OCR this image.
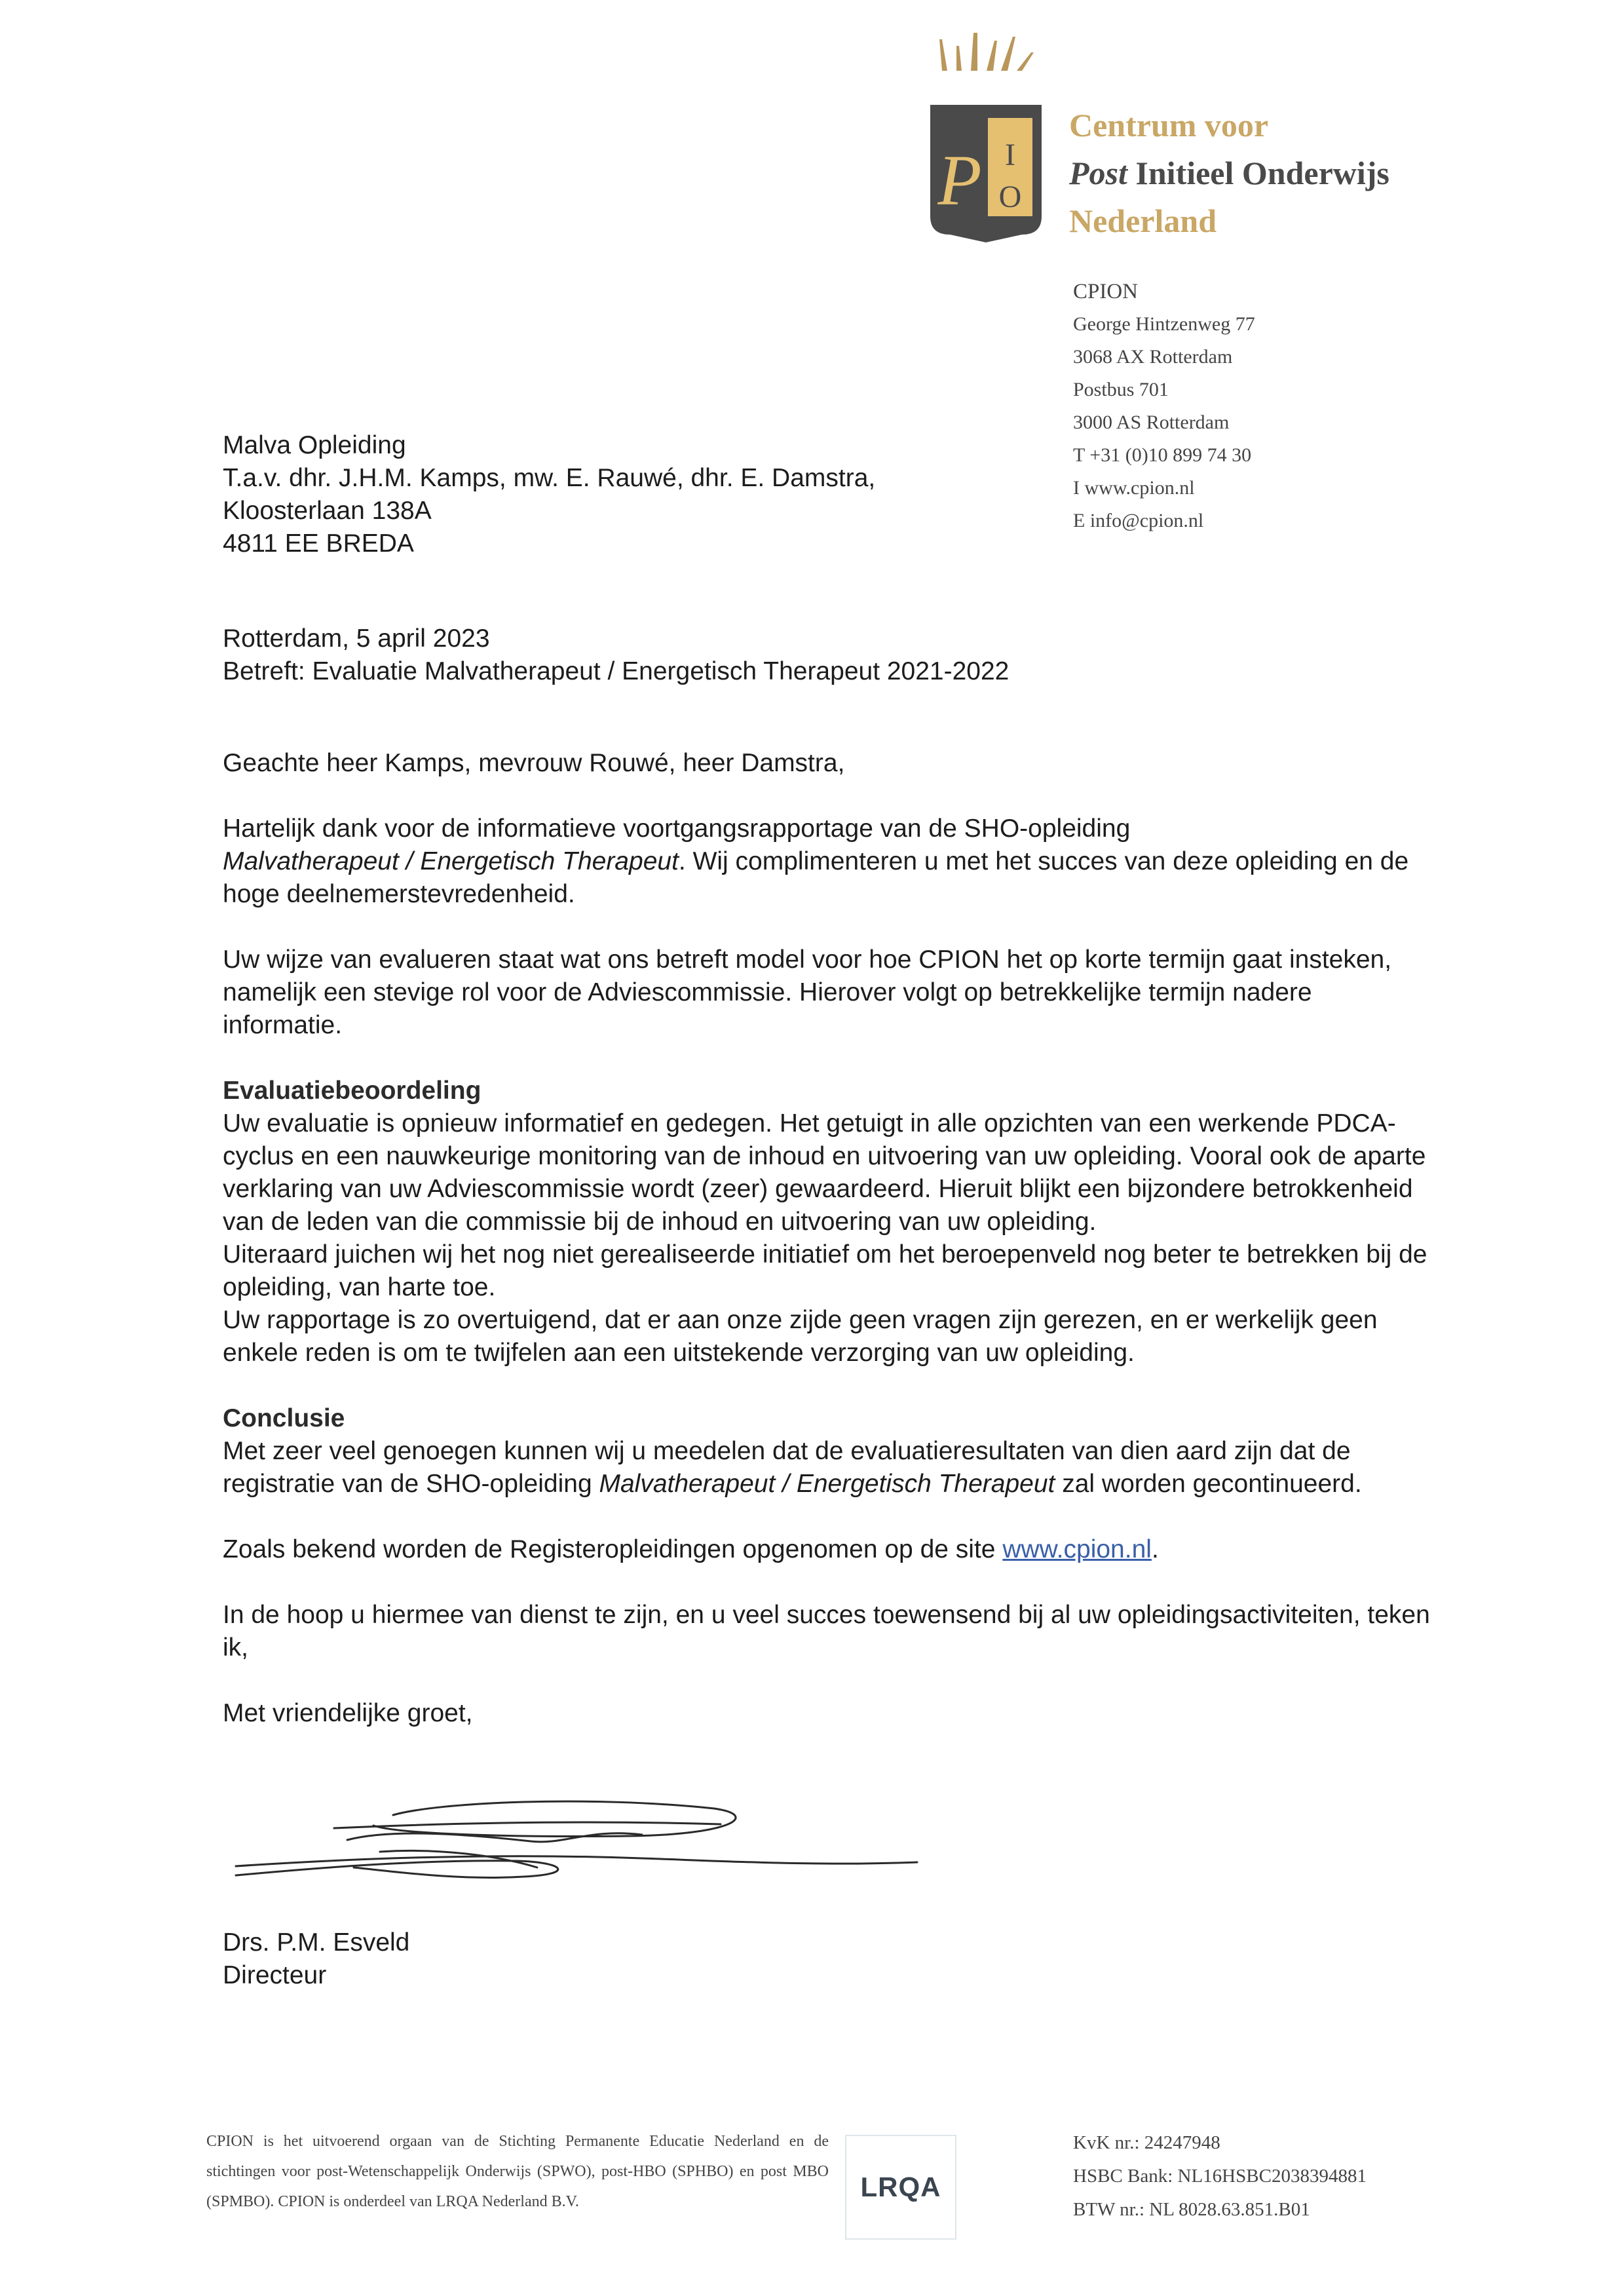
P I
O
Centrum voor
Post Initieel Onderwijs
Nederland
CPION
George Hintzenweg 77
3068 AX Rotterdam
Postbus 701
3000 AS Rotterdam
T +31 (0)10 899 74 30
I www.cpion.nl
E info@cpion.nl
Malva Opleiding
T.a.v. dhr. J.H.M. Kamps, mw. E. Rauwé, dhr. E. Damstra,
Kloosterlaan 138A
4811 EE BREDA
Rotterdam, 5 april 2023
Betreft: Evaluatie Malvatherapeut / Energetisch Therapeut 2021-2022

Geachte heer Kamps, mevrouw Rouwé, heer Damstra,

Hartelijk dank voor de informatieve voortgangsrapportage van de SHO-opleiding
Malvatherapeut / Energetisch Therapeut. Wij complimenteren u met het succes van deze opleiding en de hoge deelnemerstevredenheid.

Uw wijze van evalueren staat wat ons betreft model voor hoe CPION het op korte termijn gaat insteken, namelijk een stevige rol voor de Adviescommissie. Hierover volgt op betrekkelijke termijn nadere informatie.

Evaluatiebeoordeling

Uw evaluatie is opnieuw informatief en gedegen. Het getuigt in alle opzichten van een werkende PDCA-cyclus en een nauwkeurige monitoring van de inhoud en uitvoering van uw opleiding. Vooral ook de aparte verklaring van uw Adviescommissie wordt (zeer) gewaardeerd. Hieruit blijkt een bijzondere betrokkenheid van de leden van die commissie bij de inhoud en uitvoering van uw opleiding.

Uiteraard juichen wij het nog niet gerealiseerde initiatief om het beroepenveld nog beter te betrekken bij de opleiding, van harte toe.

Uw rapportage is zo overtuigend, dat er aan onze zijde geen vragen zijn gerezen, en er werkelijk geen enkele reden is om te twijfelen aan een uitstekende verzorging van uw opleiding.

Conclusie

Met zeer veel genoegen kunnen wij u meedelen dat de evaluatieresultaten van dien aard zijn dat de registratie van de SHO-opleiding Malvatherapeut / Energetisch Therapeut zal worden gecontinueerd.

Zoals bekend worden de Registeropleidingen opgenomen op de site www.cpion.nl.

In de hoop u hiermee van dienst te zijn, en u veel succes toewensend bij al uw opleidingsactiviteiten, teken ik,

Met vriendelijke groet,

Drs. P.M. Esveld
Directeur
CPION is het uitvoerend orgaan van de Stichting Permanente Educatie Nederland en de stichtingen voor post-Wetenschappelijk Onderwijs (SPWO), post-HBO (SPHBO) en post MBO (SPMBO). CPION is onderdeel van LRQA Nederland B.V.	LRQA
KvK nr.: 24247948
HSBC Bank: NL16HSBC2038394881
BTW nr.: NL 8028.63.851.B01
